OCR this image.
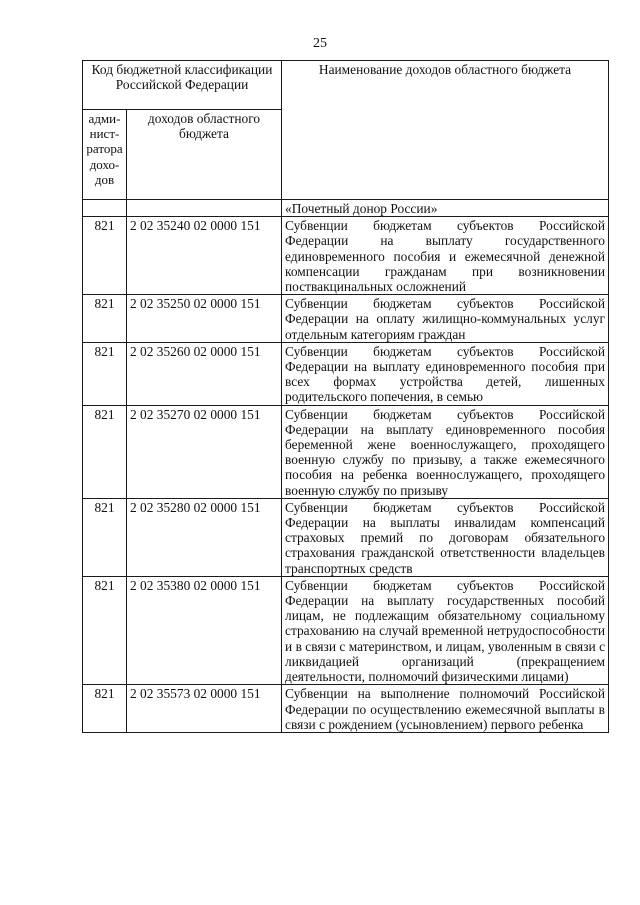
25
Код бюджетной классификации Российской Федерации		Наименование доходов областного бюджета
адми-нист-ратора дохо-дов	доходов областного бюджета	
		«Почетный донор России»
821	2 02 35240 02 0000 151	Субвенции бюджетам субъектов Российской Федерации на выплату государственного единовременного пособия и ежемесячной денежной компенсации гражданам при возникновении поствакцинальных осложнений
821	2 02 35250 02 0000 151	Субвенции бюджетам субъектов Российской Федерации на оплату жилищно-коммунальных услуг отдельным категориям граждан
821	2 02 35260 02 0000 151	Субвенции бюджетам субъектов Российской Федерации на выплату единовременного пособия при всех формах устройства детей, лишенных родительского попечения, в семью
821	2 02 35270 02 0000 151	Субвенции бюджетам субъектов Российской Федерации на выплату единовременного пособия беременной жене военнослужащего, проходящего военную службу по призыву, а также ежемесячного пособия на ребенка военнослужащего, проходящего военную службу по призыву
821	2 02 35280 02 0000 151	Субвенции бюджетам субъектов Российской Федерации на выплаты инвалидам компенсаций страховых премий по договорам обязательного страхования гражданской ответственности владельцев транспортных средств
821	2 02 35380 02 0000 151	Субвенции бюджетам субъектов Российской Федерации на выплату государственных пособий лицам, не подлежащим обязательному социальному страхованию на случай временной нетрудоспособности и в связи с материнством, и лицам, уволенным в связи с ликвидацией организаций (прекращением деятельности, полномочий физическими лицами)
821	2 02 35573 02 0000 151	Субвенции на выполнение полномочий Российской Федерации по осуществлению ежемесячной выплаты в связи с рождением (усыновлением) первого ребенка
